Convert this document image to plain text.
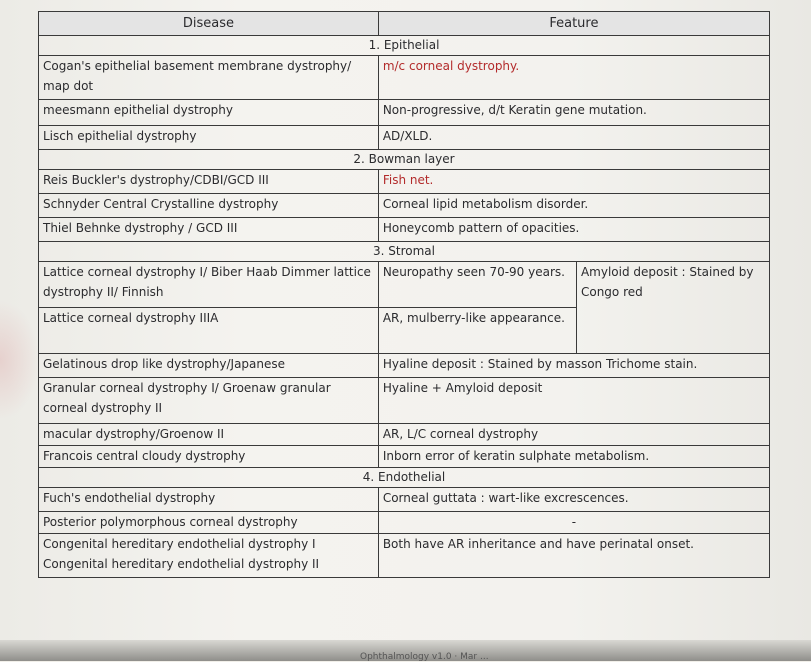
Disease	Feature	
1. Epithelial		
Cogan's epithelial basement membrane dystrophy/ map dot	m/c corneal dystrophy.	
meesmann epithelial dystrophy	Non-progressive, d/t Keratin gene mutation.	
Lisch epithelial dystrophy	AD/XLD.	
2. Bowman layer		
Reis Buckler's dystrophy/CDBI/GCD III	Fish net.	
Schnyder Central Crystalline dystrophy	Corneal lipid metabolism disorder.	
Thiel Behnke dystrophy / GCD III	Honeycomb pattern of opacities.	
3. Stromal		
Lattice corneal dystrophy I/ Biber Haab Dimmer lattice dystrophy II/ Finnish	Neuropathy seen 70-90 years.	Amyloid deposit : Stained by Congo red
Lattice corneal dystrophy IIIA	AR, mulberry-like appearance.	
Gelatinous drop like dystrophy/Japanese	Hyaline deposit : Stained by masson Trichome stain.	
Granular corneal dystrophy I/ Groenaw granular corneal dystrophy II	Hyaline + Amyloid deposit	
macular dystrophy/Groenow II	AR, L/C corneal dystrophy	
Francois central cloudy dystrophy	Inborn error of keratin sulphate metabolism.	
4. Endothelial		
Fuch's endothelial dystrophy	Corneal guttata : wart-like excrescences.	
Posterior polymorphous corneal dystrophy	-	
Congenital hereditary endothelial dystrophy I Congenital hereditary endothelial dystrophy II	Both have AR inheritance and have perinatal onset.	
Ophthalmology v1.0 · Mar ...
